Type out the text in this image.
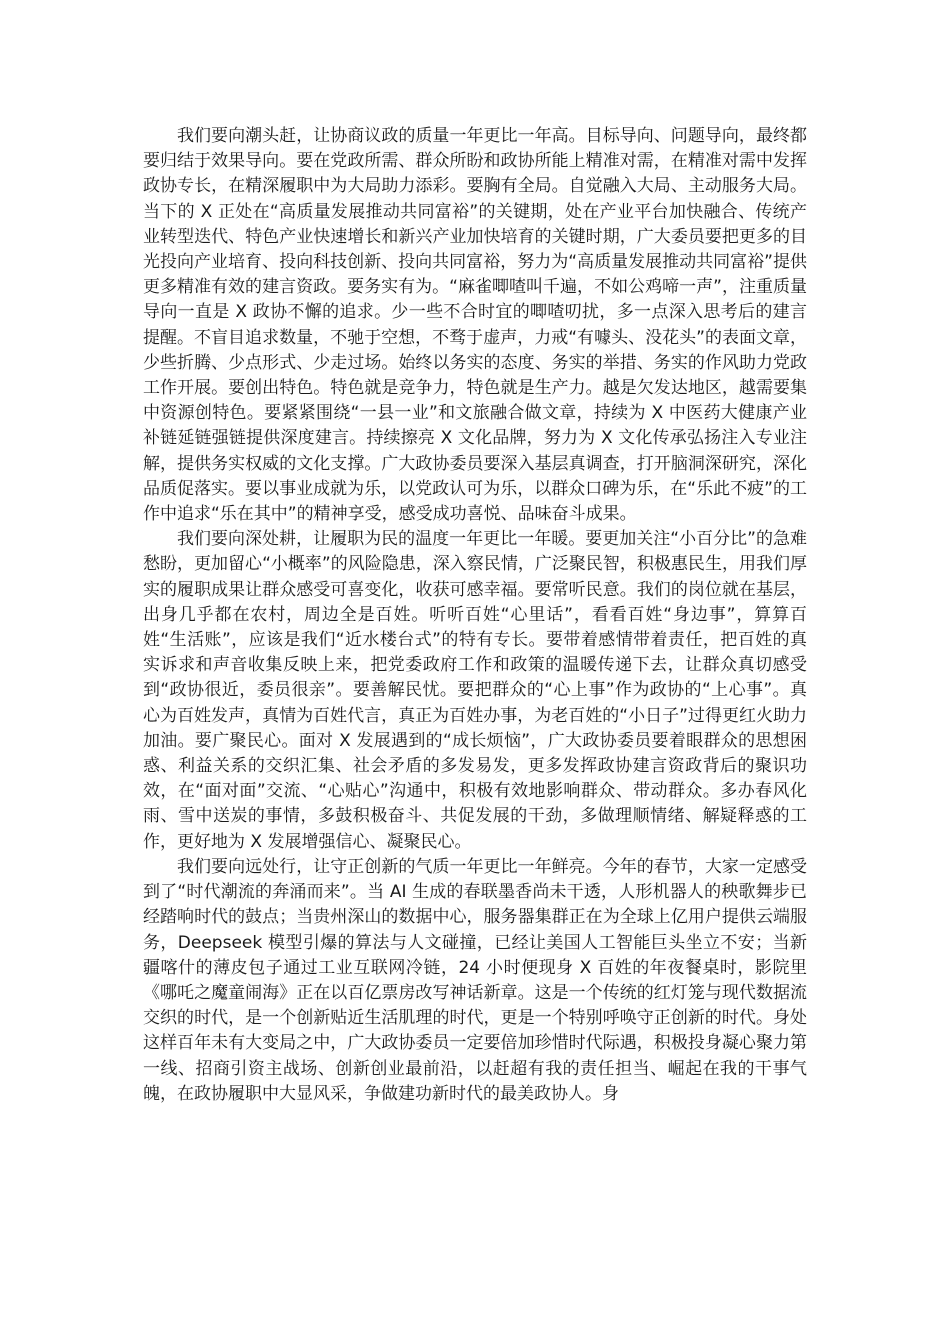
我们要向潮头赶，让协商议政的质量一年更比一年高。目标导向、问题导向，最终都要归结于效果导向。要在党政所需、群众所盼和政协所能上精准对需，在精准对需中发挥政协专长，在精深履职中为大局助力添彩。要胸有全局。自觉融入大局、主动服务大局。当下的 X 正处在“高质量发展推动共同富裕”的关键期，处在产业平台加快融合、传统产业转型迭代、特色产业快速增长和新兴产业加快培育的关键时期，广大委员要把更多的目光投向产业培育、投向科技创新、投向共同富裕，努力为“高质量发展推动共同富裕”提供更多精准有效的建言资政。要务实有为。“麻雀唧喳叫千遍，不如公鸡啼一声”，注重质量导向一直是 X 政协不懈的追求。少一些不合时宜的唧喳叨扰，多一点深入思考后的建言提醒。不盲目追求数量，不驰于空想，不骛于虚声，力戒“有噱头、没花头”的表面文章，少些折腾、少点形式、少走过场。始终以务实的态度、务实的举措、务实的作风助力党政工作开展。要创出特色。特色就是竞争力，特色就是生产力。越是欠发达地区，越需要集中资源创特色。要紧紧围绕“一县一业”和文旅融合做文章，持续为 X 中医药大健康产业补链延链强链提供深度建言。持续擦亮 X 文化品牌，努力为 X 文化传承弘扬注入专业注解，提供务实权威的文化支撑。广大政协委员要深入基层真调查，打开脑洞深研究，深化品质促落实。要以事业成就为乐，以党政认可为乐，以群众口碑为乐，在“乐此不疲”的工作中追求“乐在其中”的精神享受，感受成功喜悦、品味奋斗成果。

我们要向深处耕，让履职为民的温度一年更比一年暖。要更加关注“小百分比”的急难愁盼，更加留心“小概率”的风险隐患，深入察民情，广泛聚民智，积极惠民生，用我们厚实的履职成果让群众感受可喜变化，收获可感幸福。要常听民意。我们的岗位就在基层，出身几乎都在农村，周边全是百姓。听听百姓“心里话”，看看百姓“身边事”，算算百姓“生活账”，应该是我们“近水楼台式”的特有专长。要带着感情带着责任，把百姓的真实诉求和声音收集反映上来，把党委政府工作和政策的温暖传递下去，让群众真切感受到“政协很近，委员很亲”。要善解民忧。要把群众的“心上事”作为政协的“上心事”。真心为百姓发声，真情为百姓代言，真正为百姓办事，为老百姓的“小日子”过得更红火助力加油。要广聚民心。面对 X 发展遇到的“成长烦恼”，广大政协委员要着眼群众的思想困惑、利益关系的交织汇集、社会矛盾的多发易发，更多发挥政协建言资政背后的聚识功效，在“面对面”交流、“心贴心”沟通中，积极有效地影响群众、带动群众。多办春风化雨、雪中送炭的事情，多鼓积极奋斗、共促发展的干劲，多做理顺情绪、解疑释惑的工作，更好地为 X 发展增强信心、凝聚民心。

我们要向远处行，让守正创新的气质一年更比一年鲜亮。今年的春节，大家一定感受到了“时代潮流的奔涌而来”。当 AI 生成的春联墨香尚未干透，人形机器人的秧歌舞步已经踏响时代的鼓点；当贵州深山的数据中心，服务器集群正在为全球上亿用户提供云端服务，Deepseek 模型引爆的算法与人文碰撞，已经让美国人工智能巨头坐立不安；当新疆喀什的薄皮包子通过工业互联网冷链，24 小时便现身 X 百姓的年夜餐桌时，影院里《哪吒之魔童闹海》正在以百亿票房改写神话新章。这是一个传统的红灯笼与现代数据流交织的时代，是一个创新贴近生活肌理的时代，更是一个特别呼唤守正创新的时代。身处这样百年未有大变局之中，广大政协委员一定要倍加珍惜时代际遇，积极投身凝心聚力第一线、招商引资主战场、创新创业最前沿，以赶超有我的责任担当、崛起在我的干事气魄，在政协履职中大显风采，争做建功新时代的最美政协人。身
